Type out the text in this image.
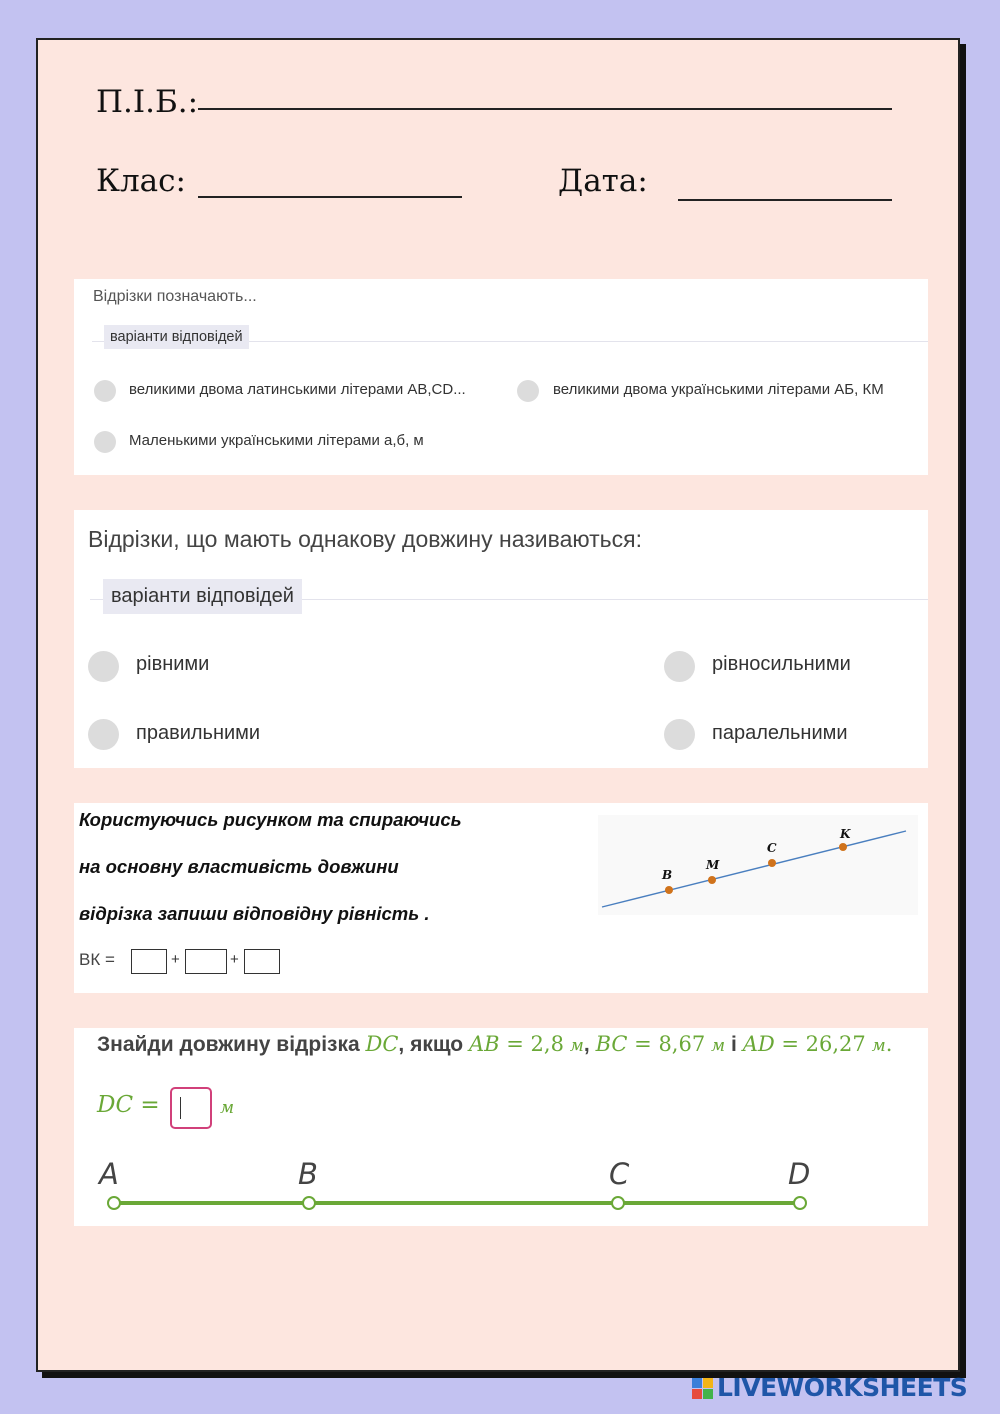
П.І.Б.:
Клас:	Дата:
Відрізки позначають...
варіанти відповідей
великими двома латинськими літерами AB,CD...	великими двома українськими літерами АБ, КМ
Маленькими українськими літерами а,б, м
Відрізки, що мають однакову довжину називаються:
варіанти відповідей
рівними	рівносильними
правильними	паралельними
Користуючись рисунком та спираючись
на основну властивість довжини
відрізка запиши відповідну рівність .
ВК =	+	+
B
M
C
K
Знайди довжину відрізка DC, якщо AB = 2,8 м, BC = 8,67 м і AD = 26,27 м.
DC =	м
A	B	C	D
LIVEWORKSHEETS
